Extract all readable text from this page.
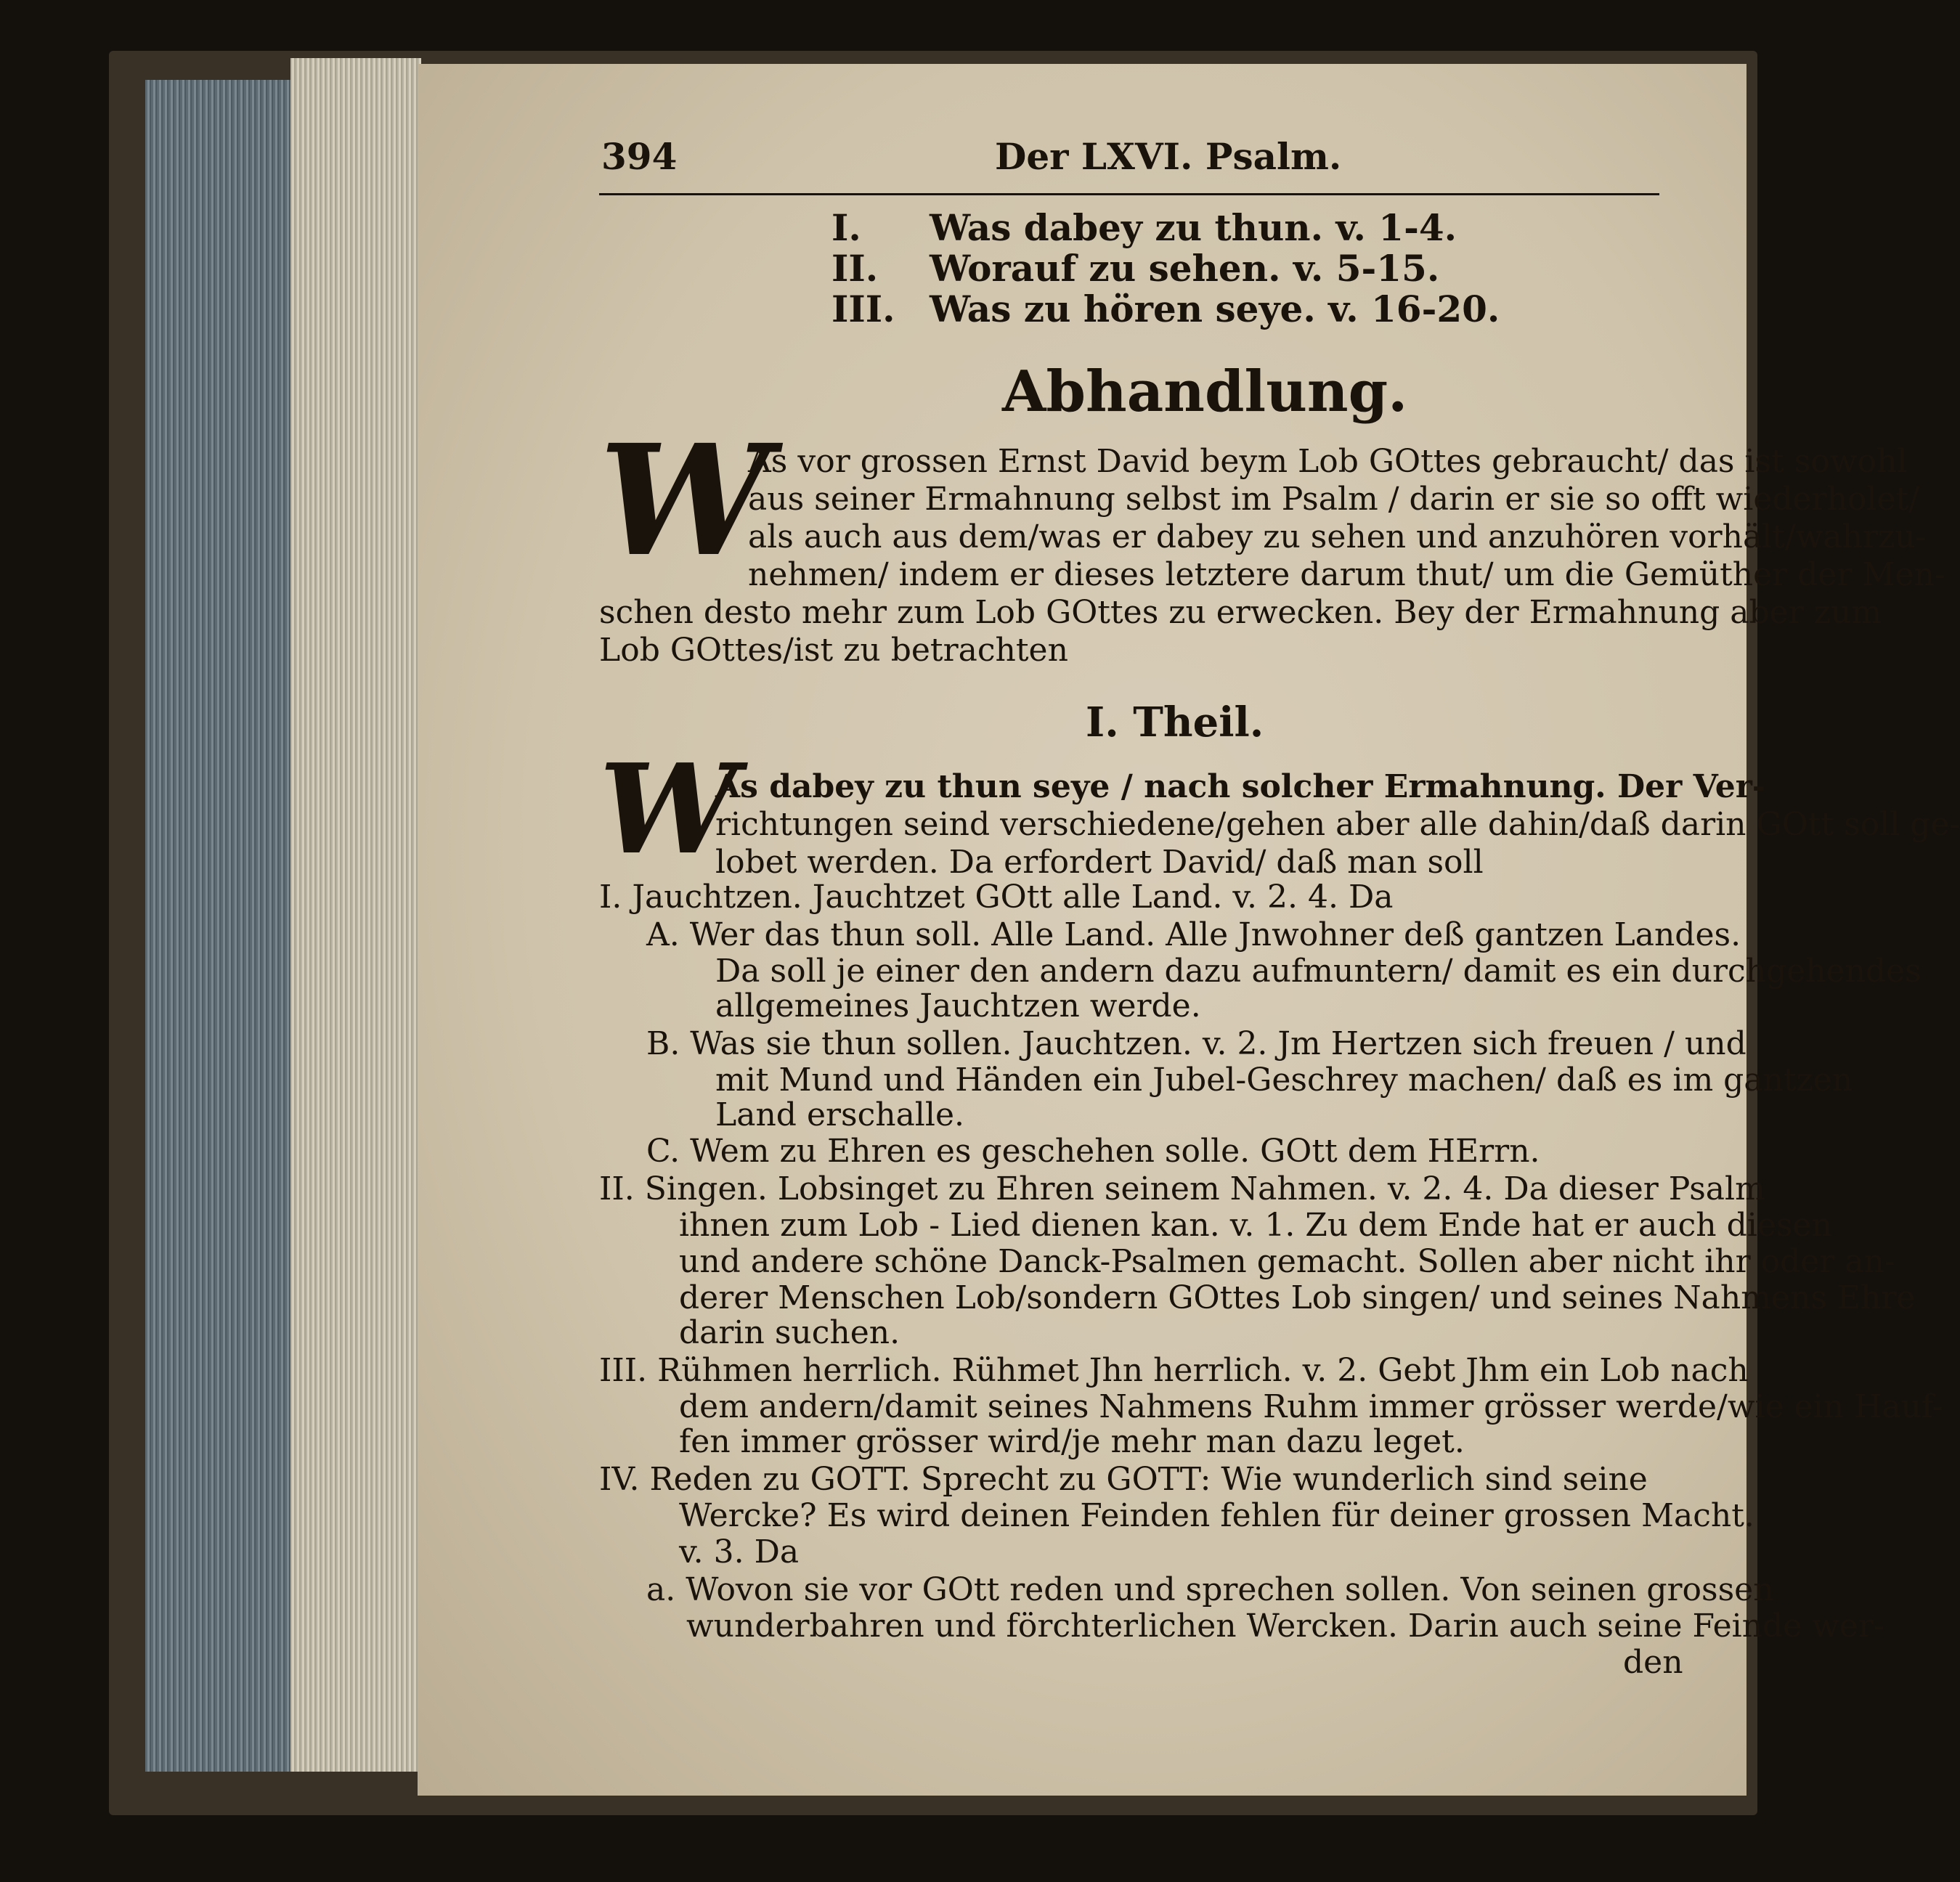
394	Der LXVI. Psalm.
I. Was dabey zu thun. v. 1-4.
II. Worauf zu sehen. v. 5-15.
III. Was zu hören seye. v. 16-20.
Abhandlung.
W
As vor grossen Ernst David beym Lob GOttes gebraucht/ das ist sowohl
aus seiner Ermahnung selbst im Psalm / darin er sie so offt wiederholet/
als auch aus dem/was er dabey zu sehen und anzuhören vorhält/wahrzu-
nehmen/ indem er dieses letztere darum thut/ um die Gemüther der Men-
schen desto mehr zum Lob GOttes zu erwecken. Bey der Ermahnung aber zum
Lob GOttes/ist zu betrachten
I. Theil.
W
As dabey zu thun seye / nach solcher Ermahnung. Der Ver-
richtungen seind verschiedene/gehen aber alle dahin/daß darin GOtt soll ge-
lobet werden. Da erfordert David/ daß man soll
I. Jauchtzen. Jauchtzet GOtt alle Land. v. 2. 4. Da
A. Wer das thun soll. Alle Land. Alle Jnwohner deß gantzen Landes.
Da soll je einer den andern dazu aufmuntern/ damit es ein durchgehendes
allgemeines Jauchtzen werde.
B. Was sie thun sollen. Jauchtzen. v. 2. Jm Hertzen sich freuen / und
mit Mund und Händen ein Jubel-Geschrey machen/ daß es im gantzen
Land erschalle.
C. Wem zu Ehren es geschehen solle. GOtt dem HErrn.
II. Singen. Lobsinget zu Ehren seinem Nahmen. v. 2. 4. Da dieser Psalm
ihnen zum Lob - Lied dienen kan. v. 1. Zu dem Ende hat er auch diesen
und andere schöne Danck-Psalmen gemacht. Sollen aber nicht ihr oder an-
derer Menschen Lob/sondern GOttes Lob singen/ und seines Nahmens Ehre
darin suchen.
III. Rühmen herrlich. Rühmet Jhn herrlich. v. 2. Gebt Jhm ein Lob nach
dem andern/damit seines Nahmens Ruhm immer grösser werde/wie ein Hauf-
fen immer grösser wird/je mehr man dazu leget.
IV. Reden zu GOTT. Sprecht zu GOTT: Wie wunderlich sind seine
Wercke? Es wird deinen Feinden fehlen für deiner grossen Macht.
v. 3. Da
a. Wovon sie vor GOtt reden und sprechen sollen. Von seinen grossen
wunderbahren und förchterlichen Wercken. Darin auch seine Feinde wer-
den
